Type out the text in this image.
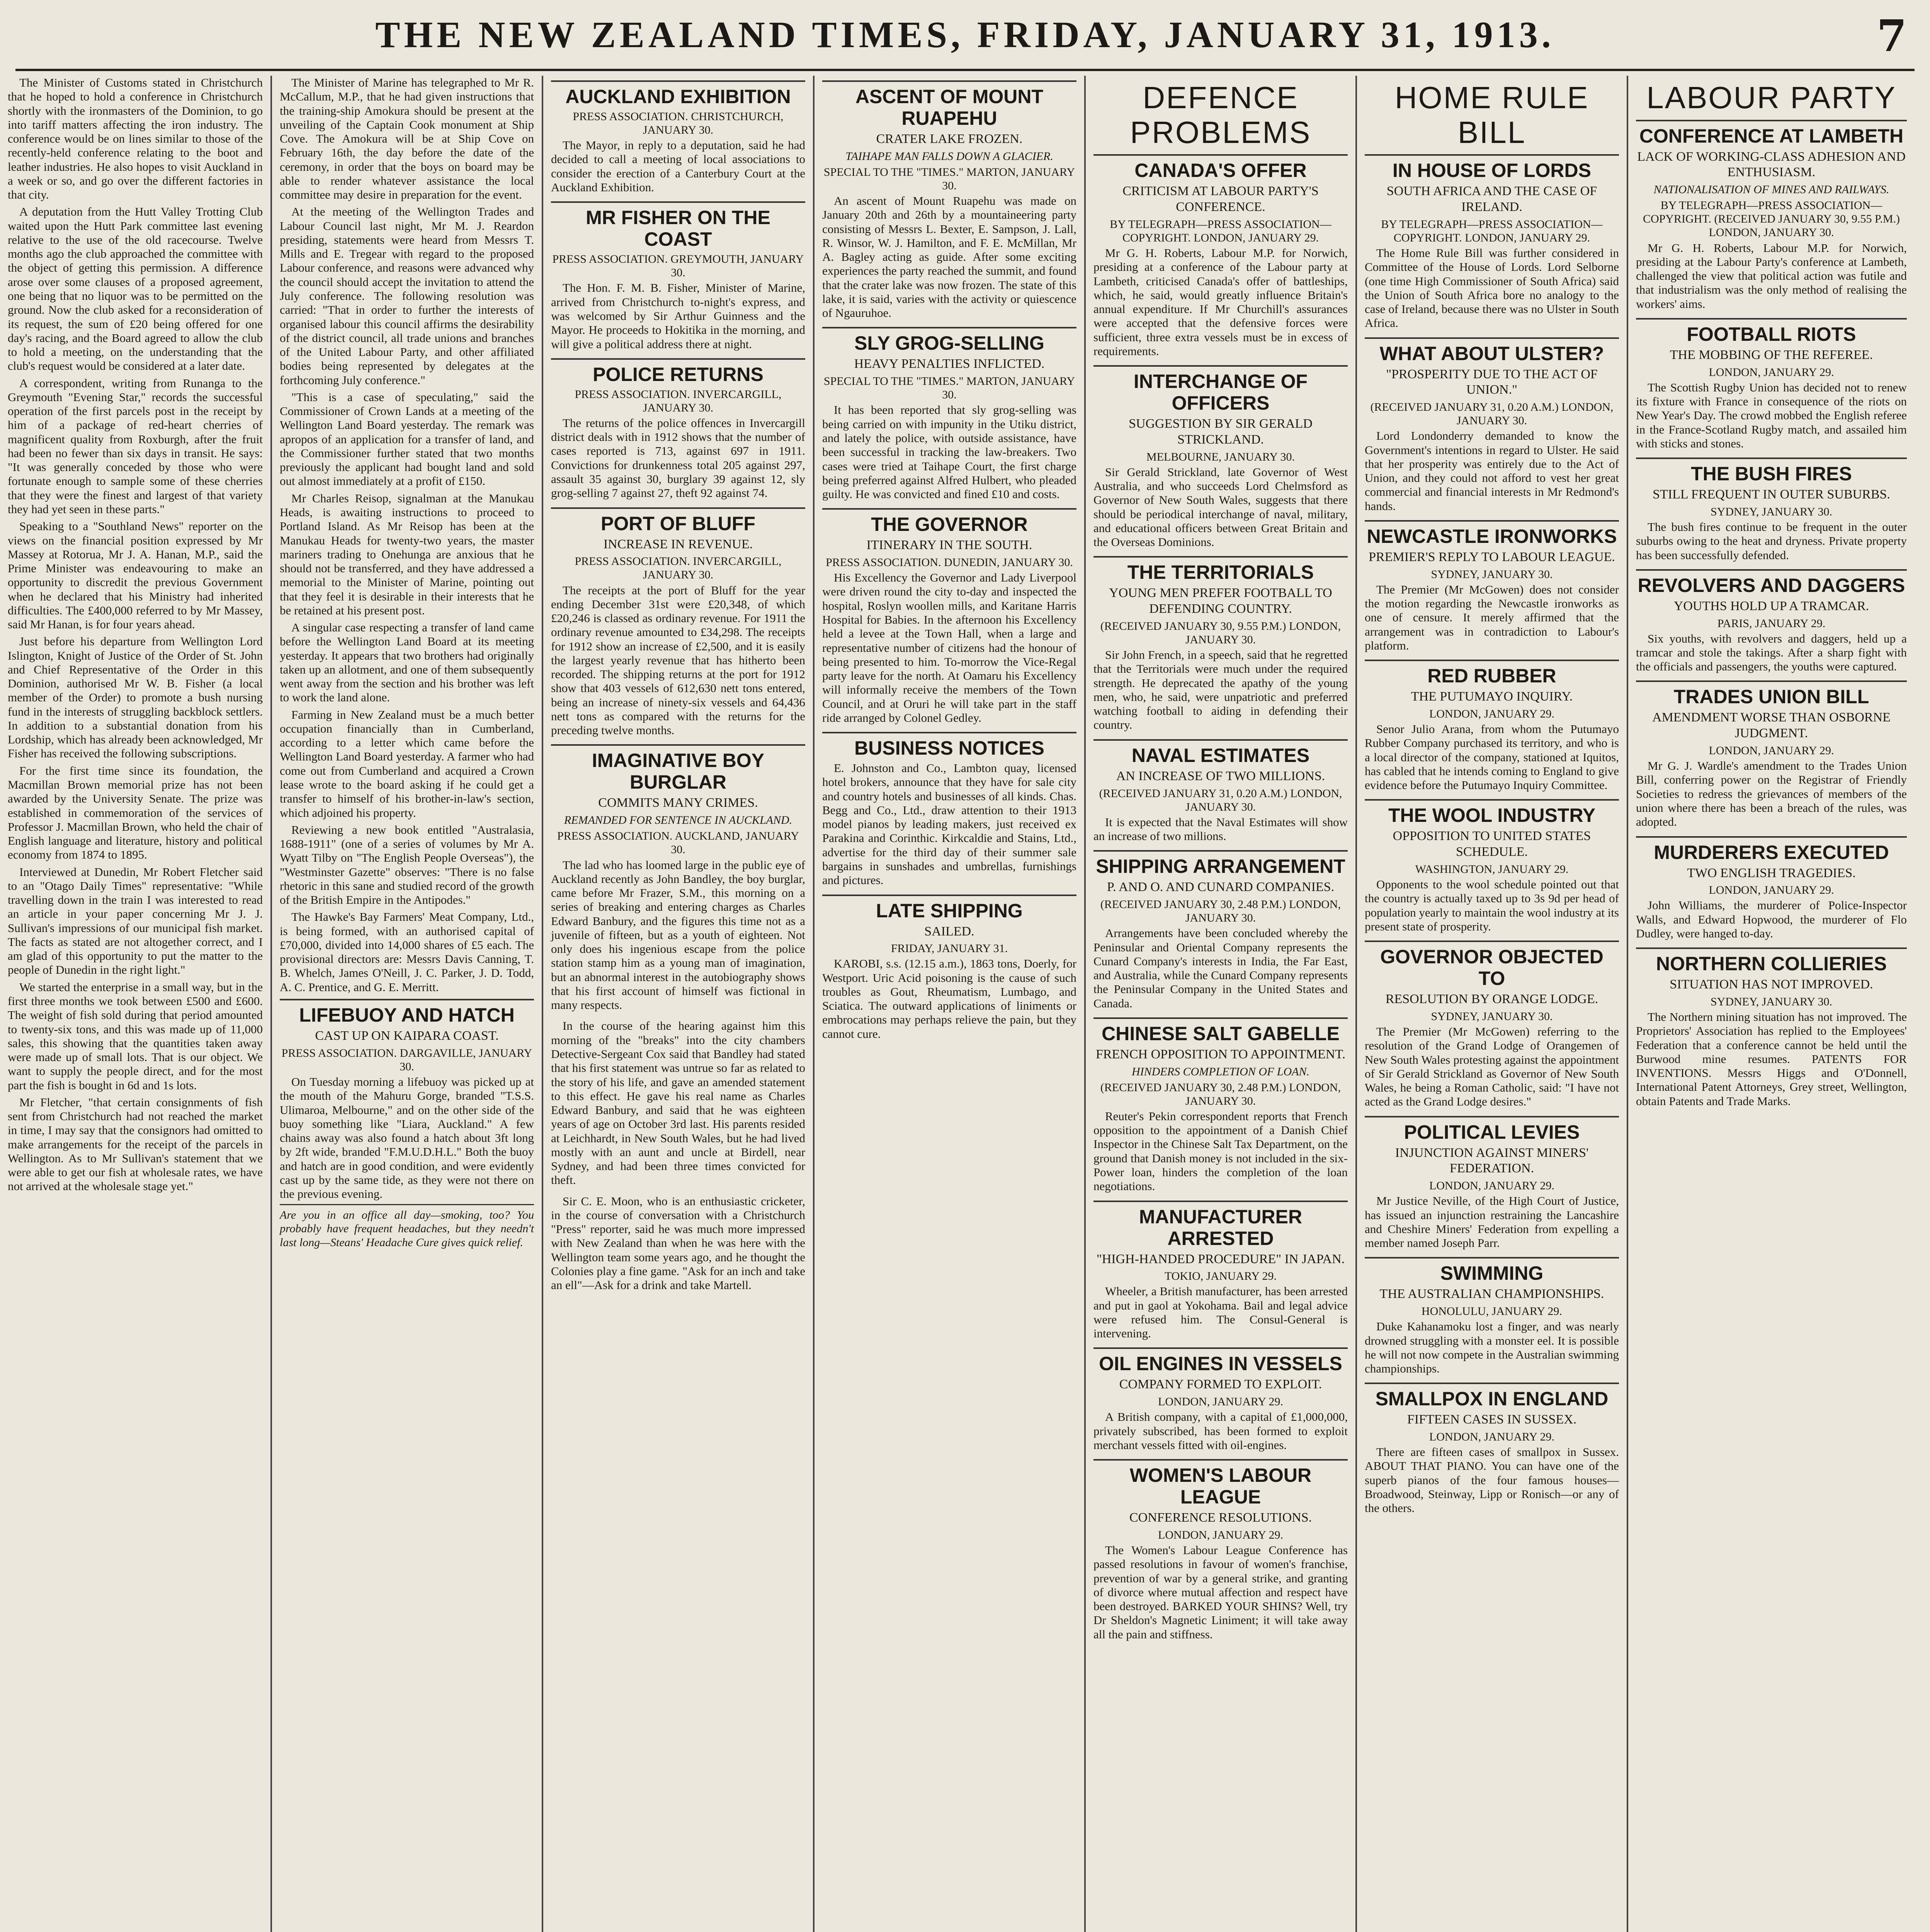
THE NEW ZEALAND TIMES, FRIDAY, JANUARY 31, 1913.	7

The Minister of Customs stated in Christchurch that he hoped to hold a conference in Christchurch shortly with the ironmasters of the Dominion, to go into tariff matters affecting the iron industry. The conference would be on lines similar to those of the recently-held conference relating to the boot and leather industries. He also hopes to visit Auckland in a week or so, and go over the different factories in that city.

A deputation from the Hutt Valley Trotting Club waited upon the Hutt Park committee last evening relative to the use of the old racecourse. Twelve months ago the club approached the committee with the object of getting this permission. A difference arose over some clauses of a proposed agreement, one being that no liquor was to be permitted on the ground. Now the club asked for a reconsideration of its request, the sum of £20 being offered for one day's racing, and the Board agreed to allow the club to hold a meeting, on the understanding that the club's request would be considered at a later date.

A correspondent, writing from Runanga to the Greymouth "Evening Star," records the successful operation of the first parcels post in the receipt by him of a package of red-heart cherries of magnificent quality from Roxburgh, after the fruit had been no fewer than six days in transit. He says: "It was generally conceded by those who were fortunate enough to sample some of these cherries that they were the finest and largest of that variety they had yet seen in these parts."

Speaking to a "Southland News" reporter on the views on the financial position expressed by Mr Massey at Rotorua, Mr J. A. Hanan, M.P., said the Prime Minister was endeavouring to make an opportunity to discredit the previous Government when he declared that his Ministry had inherited difficulties. The £400,000 referred to by Mr Massey, said Mr Hanan, is for four years ahead.

Just before his departure from Wellington Lord Islington, Knight of Justice of the Order of St. John and Chief Representative of the Order in this Dominion, authorised Mr W. B. Fisher (a local member of the Order) to promote a bush nursing fund in the interests of struggling backblock settlers. In addition to a substantial donation from his Lordship, which has already been acknowledged, Mr Fisher has received the following subscriptions.

For the first time since its foundation, the Macmillan Brown memorial prize has not been awarded by the University Senate. The prize was established in commemoration of the services of Professor J. Macmillan Brown, who held the chair of English language and literature, history and political economy from 1874 to 1895.

Interviewed at Dunedin, Mr Robert Fletcher said to an "Otago Daily Times" representative: "While travelling down in the train I was interested to read an article in your paper concerning Mr J. J. Sullivan's impressions of our municipal fish market. The facts as stated are not altogether correct, and I am glad of this opportunity to put the matter to the people of Dunedin in the right light."

We started the enterprise in a small way, but in the first three months we took between £500 and £600. The weight of fish sold during that period amounted to twenty-six tons, and this was made up of 11,000 sales, this showing that the quantities taken away were made up of small lots. That is our object. We want to supply the people direct, and for the most part the fish is bought in 6d and 1s lots.

Mr Fletcher, "that certain consignments of fish sent from Christchurch had not reached the market in time, I may say that the consignors had omitted to make arrangements for the receipt of the parcels in Wellington. As to Mr Sullivan's statement that we were able to get our fish at wholesale rates, we have not arrived at the wholesale stage yet."

The Minister of Marine has telegraphed to Mr R. McCallum, M.P., that he had given instructions that the training-ship Amokura should be present at the unveiling of the Captain Cook monument at Ship Cove. The Amokura will be at Ship Cove on February 16th, the day before the date of the ceremony, in order that the boys on board may be able to render whatever assistance the local committee may desire in preparation for the event.

At the meeting of the Wellington Trades and Labour Council last night, Mr M. J. Reardon presiding, statements were heard from Messrs T. Mills and E. Tregear with regard to the proposed Labour conference, and reasons were advanced why the council should accept the invitation to attend the July conference. The following resolution was carried: "That in order to further the interests of organised labour this council affirms the desirability of the district council, all trade unions and branches of the United Labour Party, and other affiliated bodies being represented by delegates at the forthcoming July conference."

"This is a case of speculating," said the Commissioner of Crown Lands at a meeting of the Wellington Land Board yesterday. The remark was apropos of an application for a transfer of land, and the Commissioner further stated that two months previously the applicant had bought land and sold out almost immediately at a profit of £150.

Mr Charles Reisop, signalman at the Manukau Heads, is awaiting instructions to proceed to Portland Island. As Mr Reisop has been at the Manukau Heads for twenty-two years, the master mariners trading to Onehunga are anxious that he should not be transferred, and they have addressed a memorial to the Minister of Marine, pointing out that they feel it is desirable in their interests that he be retained at his present post.

A singular case respecting a transfer of land came before the Wellington Land Board at its meeting yesterday. It appears that two brothers had originally taken up an allotment, and one of them subsequently went away from the section and his brother was left to work the land alone.

Farming in New Zealand must be a much better occupation financially than in Cumberland, according to a letter which came before the Wellington Land Board yesterday. A farmer who had come out from Cumberland and acquired a Crown lease wrote to the board asking if he could get a transfer to himself of his brother-in-law's section, which adjoined his property.

Reviewing a new book entitled "Australasia, 1688-1911" (one of a series of volumes by Mr A. Wyatt Tilby on "The English People Overseas"), the "Westminster Gazette" observes: "There is no false rhetoric in this sane and studied record of the growth of the British Empire in the Antipodes."

The Hawke's Bay Farmers' Meat Company, Ltd., is being formed, with an authorised capital of £70,000, divided into 14,000 shares of £5 each. The provisional directors are: Messrs Davis Canning, T. B. Whelch, James O'Neill, J. C. Parker, J. D. Todd, A. C. Prentice, and G. E. Merritt.

LIFEBUOY AND HATCH
CAST UP ON KAIPARA COAST.
PRESS ASSOCIATION. DARGAVILLE, JANUARY 30.

On Tuesday morning a lifebuoy was picked up at the mouth of the Mahuru Gorge, branded "T.S.S. Ulimaroa, Melbourne," and on the other side of the buoy something like "Liara, Auckland." A few chains away was also found a hatch about 3ft long by 2ft wide, branded "F.M.U.D.H.L." Both the buoy and hatch are in good condition, and were evidently cast up by the same tide, as they were not there on the previous evening.

Are you in an office all day—smoking, too? You probably have frequent headaches, but they needn't last long—Steans' Headache Cure gives quick relief.
AUCKLAND EXHIBITION
PRESS ASSOCIATION. CHRISTCHURCH, JANUARY 30.

The Mayor, in reply to a deputation, said he had decided to call a meeting of local associations to consider the erection of a Canterbury Court at the Auckland Exhibition.

MR FISHER ON THE COAST
PRESS ASSOCIATION. GREYMOUTH, JANUARY 30.

The Hon. F. M. B. Fisher, Minister of Marine, arrived from Christchurch to-night's express, and was welcomed by Sir Arthur Guinness and the Mayor. He proceeds to Hokitika in the morning, and will give a political address there at night.

POLICE RETURNS
PRESS ASSOCIATION. INVERCARGILL, JANUARY 30.

The returns of the police offences in Invercargill district deals with in 1912 shows that the number of cases reported is 713, against 697 in 1911. Convictions for drunkenness total 205 against 297, assault 35 against 30, burglary 39 against 12, sly grog-selling 7 against 27, theft 92 against 74.

PORT OF BLUFF
INCREASE IN REVENUE.
PRESS ASSOCIATION. INVERCARGILL, JANUARY 30.

The receipts at the port of Bluff for the year ending December 31st were £20,348, of which £20,246 is classed as ordinary revenue. For 1911 the ordinary revenue amounted to £34,298. The receipts for 1912 show an increase of £2,500, and it is easily the largest yearly revenue that has hitherto been recorded. The shipping returns at the port for 1912 show that 403 vessels of 612,630 nett tons entered, being an increase of ninety-six vessels and 64,436 nett tons as compared with the returns for the preceding twelve months.

IMAGINATIVE BOY BURGLAR
COMMITS MANY CRIMES.
REMANDED FOR SENTENCE IN AUCKLAND.
PRESS ASSOCIATION. AUCKLAND, JANUARY 30.

The lad who has loomed large in the public eye of Auckland recently as John Bandley, the boy burglar, came before Mr Frazer, S.M., this morning on a series of breaking and entering charges as Charles Edward Banbury, and the figures this time not as a juvenile of fifteen, but as a youth of eighteen. Not only does his ingenious escape from the police station stamp him as a young man of imagination, but an abnormal interest in the autobiography shows that his first account of himself was fictional in many respects.

In the course of the hearing against him this morning of the "breaks" into the city chambers Detective-Sergeant Cox said that Bandley had stated that his first statement was untrue so far as related to the story of his life, and gave an amended statement to this effect. He gave his real name as Charles Edward Banbury, and said that he was eighteen years of age on October 3rd last. His parents resided at Leichhardt, in New South Wales, but he had lived mostly with an aunt and uncle at Birdell, near Sydney, and had been three times convicted for theft.

Sir C. E. Moon, who is an enthusiastic cricketer, in the course of conversation with a Christchurch "Press" reporter, said he was much more impressed with New Zealand than when he was here with the Wellington team some years ago, and he thought the Colonies play a fine game. "Ask for an inch and take an ell"—Ask for a drink and take Martell.

ASCENT OF MOUNT RUAPEHU
CRATER LAKE FROZEN.
TAIHAPE MAN FALLS DOWN A GLACIER.
SPECIAL TO THE "TIMES." MARTON, JANUARY 30.

An ascent of Mount Ruapehu was made on January 20th and 26th by a mountaineering party consisting of Messrs L. Bexter, E. Sampson, J. Lall, R. Winsor, W. J. Hamilton, and F. E. McMillan, Mr A. Bagley acting as guide. After some exciting experiences the party reached the summit, and found that the crater lake was now frozen. The state of this lake, it is said, varies with the activity or quiescence of Ngauruhoe.

SLY GROG-SELLING
HEAVY PENALTIES INFLICTED.
SPECIAL TO THE "TIMES." MARTON, JANUARY 30.

It has been reported that sly grog-selling was being carried on with impunity in the Utiku district, and lately the police, with outside assistance, have been successful in tracking the law-breakers. Two cases were tried at Taihape Court, the first charge being preferred against Alfred Hulbert, who pleaded guilty. He was convicted and fined £10 and costs.

THE GOVERNOR
ITINERARY IN THE SOUTH.
PRESS ASSOCIATION. DUNEDIN, JANUARY 30.

His Excellency the Governor and Lady Liverpool were driven round the city to-day and inspected the hospital, Roslyn woollen mills, and Karitane Harris Hospital for Babies. In the afternoon his Excellency held a levee at the Town Hall, when a large and representative number of citizens had the honour of being presented to him. To-morrow the Vice-Regal party leave for the north. At Oamaru his Excellency will informally receive the members of the Town Council, and at Oruri he will take part in the staff ride arranged by Colonel Gedley.

BUSINESS NOTICES

E. Johnston and Co., Lambton quay, licensed hotel brokers, announce that they have for sale city and country hotels and businesses of all kinds. Chas. Begg and Co., Ltd., draw attention to their 1913 model pianos by leading makers, just received ex Parakina and Corinthic. Kirkcaldie and Stains, Ltd., advertise for the third day of their summer sale bargains in sunshades and umbrellas, furnishings and pictures.

LATE SHIPPING
SAILED.
FRIDAY, JANUARY 31.

KAROBI, s.s. (12.15 a.m.), 1863 tons, Doerly, for Westport. Uric Acid poisoning is the cause of such troubles as Gout, Rheumatism, Lumbago, and Sciatica. The outward applications of liniments or embrocations may perhaps relieve the pain, but they cannot cure.

DEFENCE PROBLEMS
CANADA'S OFFER
CRITICISM AT LABOUR PARTY'S CONFERENCE.
BY TELEGRAPH—PRESS ASSOCIATION—COPYRIGHT. LONDON, JANUARY 29.

Mr G. H. Roberts, Labour M.P. for Norwich, presiding at a conference of the Labour party at Lambeth, criticised Canada's offer of battleships, which, he said, would greatly influence Britain's annual expenditure. If Mr Churchill's assurances were accepted that the defensive forces were sufficient, three extra vessels must be in excess of requirements.

INTERCHANGE OF OFFICERS
SUGGESTION BY SIR GERALD STRICKLAND.
MELBOURNE, JANUARY 30.

Sir Gerald Strickland, late Governor of West Australia, and who succeeds Lord Chelmsford as Governor of New South Wales, suggests that there should be periodical interchange of naval, military, and educational officers between Great Britain and the Overseas Dominions.

THE TERRITORIALS
YOUNG MEN PREFER FOOTBALL TO DEFENDING COUNTRY.
(RECEIVED JANUARY 30, 9.55 P.M.) LONDON, JANUARY 30.

Sir John French, in a speech, said that he regretted that the Territorials were much under the required strength. He deprecated the apathy of the young men, who, he said, were unpatriotic and preferred watching football to aiding in defending their country.

NAVAL ESTIMATES
AN INCREASE OF TWO MILLIONS.
(RECEIVED JANUARY 31, 0.20 A.M.) LONDON, JANUARY 30.

It is expected that the Naval Estimates will show an increase of two millions.

SHIPPING ARRANGEMENT
P. AND O. AND CUNARD COMPANIES.
(RECEIVED JANUARY 30, 2.48 P.M.) LONDON, JANUARY 30.

Arrangements have been concluded whereby the Peninsular and Oriental Company represents the Cunard Company's interests in India, the Far East, and Australia, while the Cunard Company represents the Peninsular Company in the United States and Canada.

CHINESE SALT GABELLE
FRENCH OPPOSITION TO APPOINTMENT.
HINDERS COMPLETION OF LOAN.
(RECEIVED JANUARY 30, 2.48 P.M.) LONDON, JANUARY 30.

Reuter's Pekin correspondent reports that French opposition to the appointment of a Danish Chief Inspector in the Chinese Salt Tax Department, on the ground that Danish money is not included in the six-Power loan, hinders the completion of the loan negotiations.

MANUFACTURER ARRESTED
"HIGH-HANDED PROCEDURE" IN JAPAN.
TOKIO, JANUARY 29.

Wheeler, a British manufacturer, has been arrested and put in gaol at Yokohama. Bail and legal advice were refused him. The Consul-General is intervening.

OIL ENGINES IN VESSELS
COMPANY FORMED TO EXPLOIT.
LONDON, JANUARY 29.

A British company, with a capital of £1,000,000, privately subscribed, has been formed to exploit merchant vessels fitted with oil-engines.

WOMEN'S LABOUR LEAGUE
CONFERENCE RESOLUTIONS.
LONDON, JANUARY 29.

The Women's Labour League Conference has passed resolutions in favour of women's franchise, prevention of war by a general strike, and granting of divorce where mutual affection and respect have been destroyed. BARKED YOUR SHINS? Well, try Dr Sheldon's Magnetic Liniment; it will take away all the pain and stiffness.

HOME RULE BILL
IN HOUSE OF LORDS
SOUTH AFRICA AND THE CASE OF IRELAND.
BY TELEGRAPH—PRESS ASSOCIATION—COPYRIGHT. LONDON, JANUARY 29.

The Home Rule Bill was further considered in Committee of the House of Lords. Lord Selborne (one time High Commissioner of South Africa) said the Union of South Africa bore no analogy to the case of Ireland, because there was no Ulster in South Africa.

WHAT ABOUT ULSTER?
"PROSPERITY DUE TO THE ACT OF UNION."
(RECEIVED JANUARY 31, 0.20 A.M.) LONDON, JANUARY 30.

Lord Londonderry demanded to know the Government's intentions in regard to Ulster. He said that her prosperity was entirely due to the Act of Union, and they could not afford to vest her great commercial and financial interests in Mr Redmond's hands.

NEWCASTLE IRONWORKS
PREMIER'S REPLY TO LABOUR LEAGUE.
SYDNEY, JANUARY 30.

The Premier (Mr McGowen) does not consider the motion regarding the Newcastle ironworks as one of censure. It merely affirmed that the arrangement was in contradiction to Labour's platform.

RED RUBBER
THE PUTUMAYO INQUIRY.
LONDON, JANUARY 29.

Senor Julio Arana, from whom the Putumayo Rubber Company purchased its territory, and who is a local director of the company, stationed at Iquitos, has cabled that he intends coming to England to give evidence before the Putumayo Inquiry Committee.

THE WOOL INDUSTRY
OPPOSITION TO UNITED STATES SCHEDULE.
WASHINGTON, JANUARY 29.

Opponents to the wool schedule pointed out that the country is actually taxed up to 3s 9d per head of population yearly to maintain the wool industry at its present state of prosperity.

GOVERNOR OBJECTED TO
RESOLUTION BY ORANGE LODGE.
SYDNEY, JANUARY 30.

The Premier (Mr McGowen) referring to the resolution of the Grand Lodge of Orangemen of New South Wales protesting against the appointment of Sir Gerald Strickland as Governor of New South Wales, he being a Roman Catholic, said: "I have not acted as the Grand Lodge desires."

POLITICAL LEVIES
INJUNCTION AGAINST MINERS' FEDERATION.
LONDON, JANUARY 29.

Mr Justice Neville, of the High Court of Justice, has issued an injunction restraining the Lancashire and Cheshire Miners' Federation from expelling a member named Joseph Parr.

SWIMMING
THE AUSTRALIAN CHAMPIONSHIPS.
HONOLULU, JANUARY 29.

Duke Kahanamoku lost a finger, and was nearly drowned struggling with a monster eel. It is possible he will not now compete in the Australian swimming championships.

SMALLPOX IN ENGLAND
FIFTEEN CASES IN SUSSEX.
LONDON, JANUARY 29.

There are fifteen cases of smallpox in Sussex. ABOUT THAT PIANO. You can have one of the superb pianos of the four famous houses—Broadwood, Steinway, Lipp or Ronisch—or any of the others.

LABOUR PARTY
CONFERENCE AT LAMBETH
LACK OF WORKING-CLASS ADHESION AND ENTHUSIASM.
NATIONALISATION OF MINES AND RAILWAYS.
BY TELEGRAPH—PRESS ASSOCIATION—COPYRIGHT. (RECEIVED JANUARY 30, 9.55 P.M.) LONDON, JANUARY 30.

Mr G. H. Roberts, Labour M.P. for Norwich, presiding at the Labour Party's conference at Lambeth, challenged the view that political action was futile and that industrialism was the only method of realising the workers' aims.

FOOTBALL RIOTS
THE MOBBING OF THE REFEREE.
LONDON, JANUARY 29.

The Scottish Rugby Union has decided not to renew its fixture with France in consequence of the riots on New Year's Day. The crowd mobbed the English referee in the France-Scotland Rugby match, and assailed him with sticks and stones.

THE BUSH FIRES
STILL FREQUENT IN OUTER SUBURBS.
SYDNEY, JANUARY 30.

The bush fires continue to be frequent in the outer suburbs owing to the heat and dryness. Private property has been successfully defended.

REVOLVERS AND DAGGERS
YOUTHS HOLD UP A TRAMCAR.
PARIS, JANUARY 29.

Six youths, with revolvers and daggers, held up a tramcar and stole the takings. After a sharp fight with the officials and passengers, the youths were captured.

TRADES UNION BILL
AMENDMENT WORSE THAN OSBORNE JUDGMENT.
LONDON, JANUARY 29.

Mr G. J. Wardle's amendment to the Trades Union Bill, conferring power on the Registrar of Friendly Societies to redress the grievances of members of the union where there has been a breach of the rules, was adopted.

MURDERERS EXECUTED
TWO ENGLISH TRAGEDIES.
LONDON, JANUARY 29.

John Williams, the murderer of Police-Inspector Walls, and Edward Hopwood, the murderer of Flo Dudley, were hanged to-day.

NORTHERN COLLIERIES
SITUATION HAS NOT IMPROVED.
SYDNEY, JANUARY 30.

The Northern mining situation has not improved. The Proprietors' Association has replied to the Employees' Federation that a conference cannot be held until the Burwood mine resumes. PATENTS FOR INVENTIONS. Messrs Higgs and O'Donnell, International Patent Attorneys, Grey street, Wellington, obtain Patents and Trade Marks.
